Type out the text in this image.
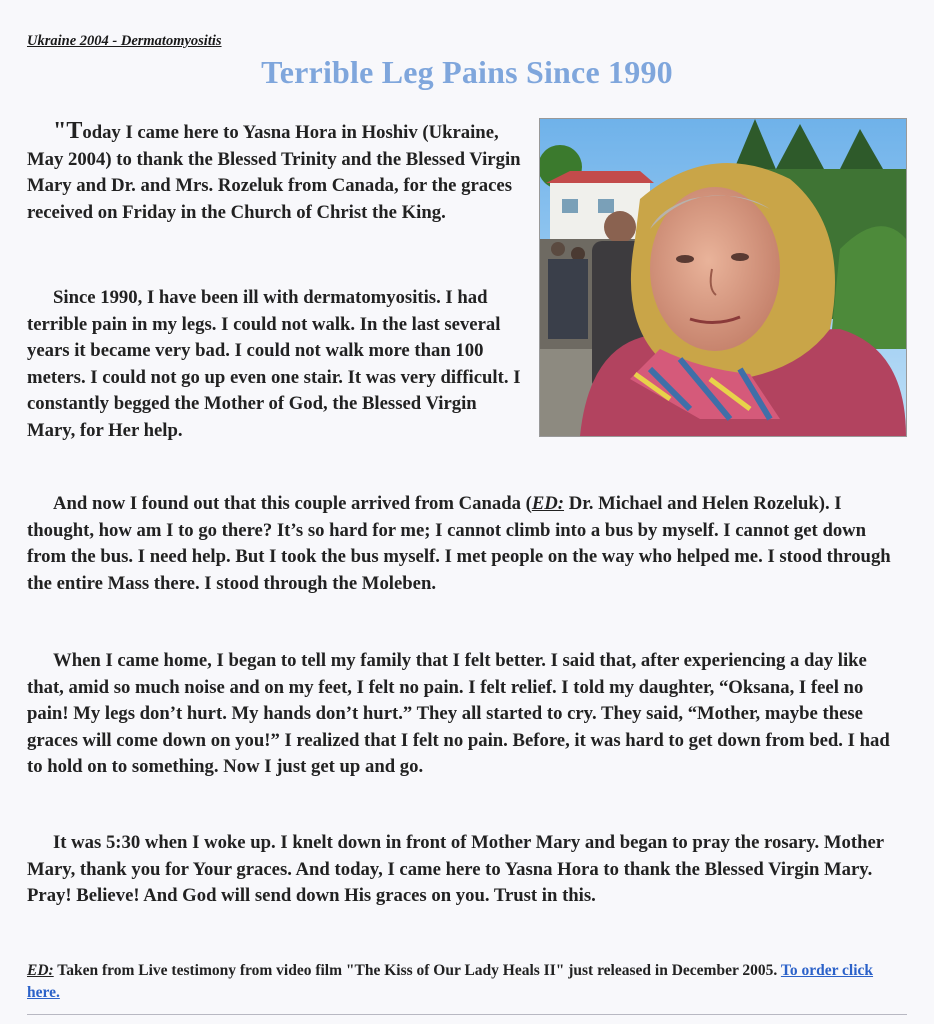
Ukraine 2004 - Dermatomyositis
Terrible Leg Pains Since 1990
"Today I came here to Yasna Hora in Hoshiv (Ukraine, May 2004) to thank the Blessed Trinity and the Blessed Virgin Mary and Dr. and Mrs. Rozeluk from Canada, for the graces received on Friday in the Church of Christ the King.
Since 1990, I have been ill with dermatomyositis. I had terrible pain in my legs. I could not walk. In the last several years it became very bad. I could not walk more than 100 meters. I could not go up even one stair. It was very difficult. I constantly begged the Mother of God, the Blessed Virgin Mary, for Her help.
And now I found out that this couple arrived from Canada (ED: Dr. Michael and Helen Rozeluk). I thought, how am I to go there? It’s so hard for me; I cannot climb into a bus by myself. I cannot get down from the bus. I need help. But I took the bus myself. I met people on the way who helped me. I stood through the entire Mass there. I stood through the Moleben.
When I came home, I began to tell my family that I felt better. I said that, after experiencing a day like that, amid so much noise and on my feet, I felt no pain. I felt relief. I told my daughter, “Oksana, I feel no pain! My legs don’t hurt. My hands don’t hurt.” They all started to cry. They said, “Mother, maybe these graces will come down on you!” I realized that I felt no pain. Before, it was hard to get down from bed. I had to hold on to something. Now I just get up and go.
It was 5:30 when I woke up. I knelt down in front of Mother Mary and began to pray the rosary. Mother Mary, thank you for Your graces. And today, I came here to Yasna Hora to thank the Blessed Virgin Mary. Pray! Believe! And God will send down His graces on you. Trust in this.
ED: Taken from Live testimony from video film "The Kiss of Our Lady Heals II" just released in December 2005. To order click here.
